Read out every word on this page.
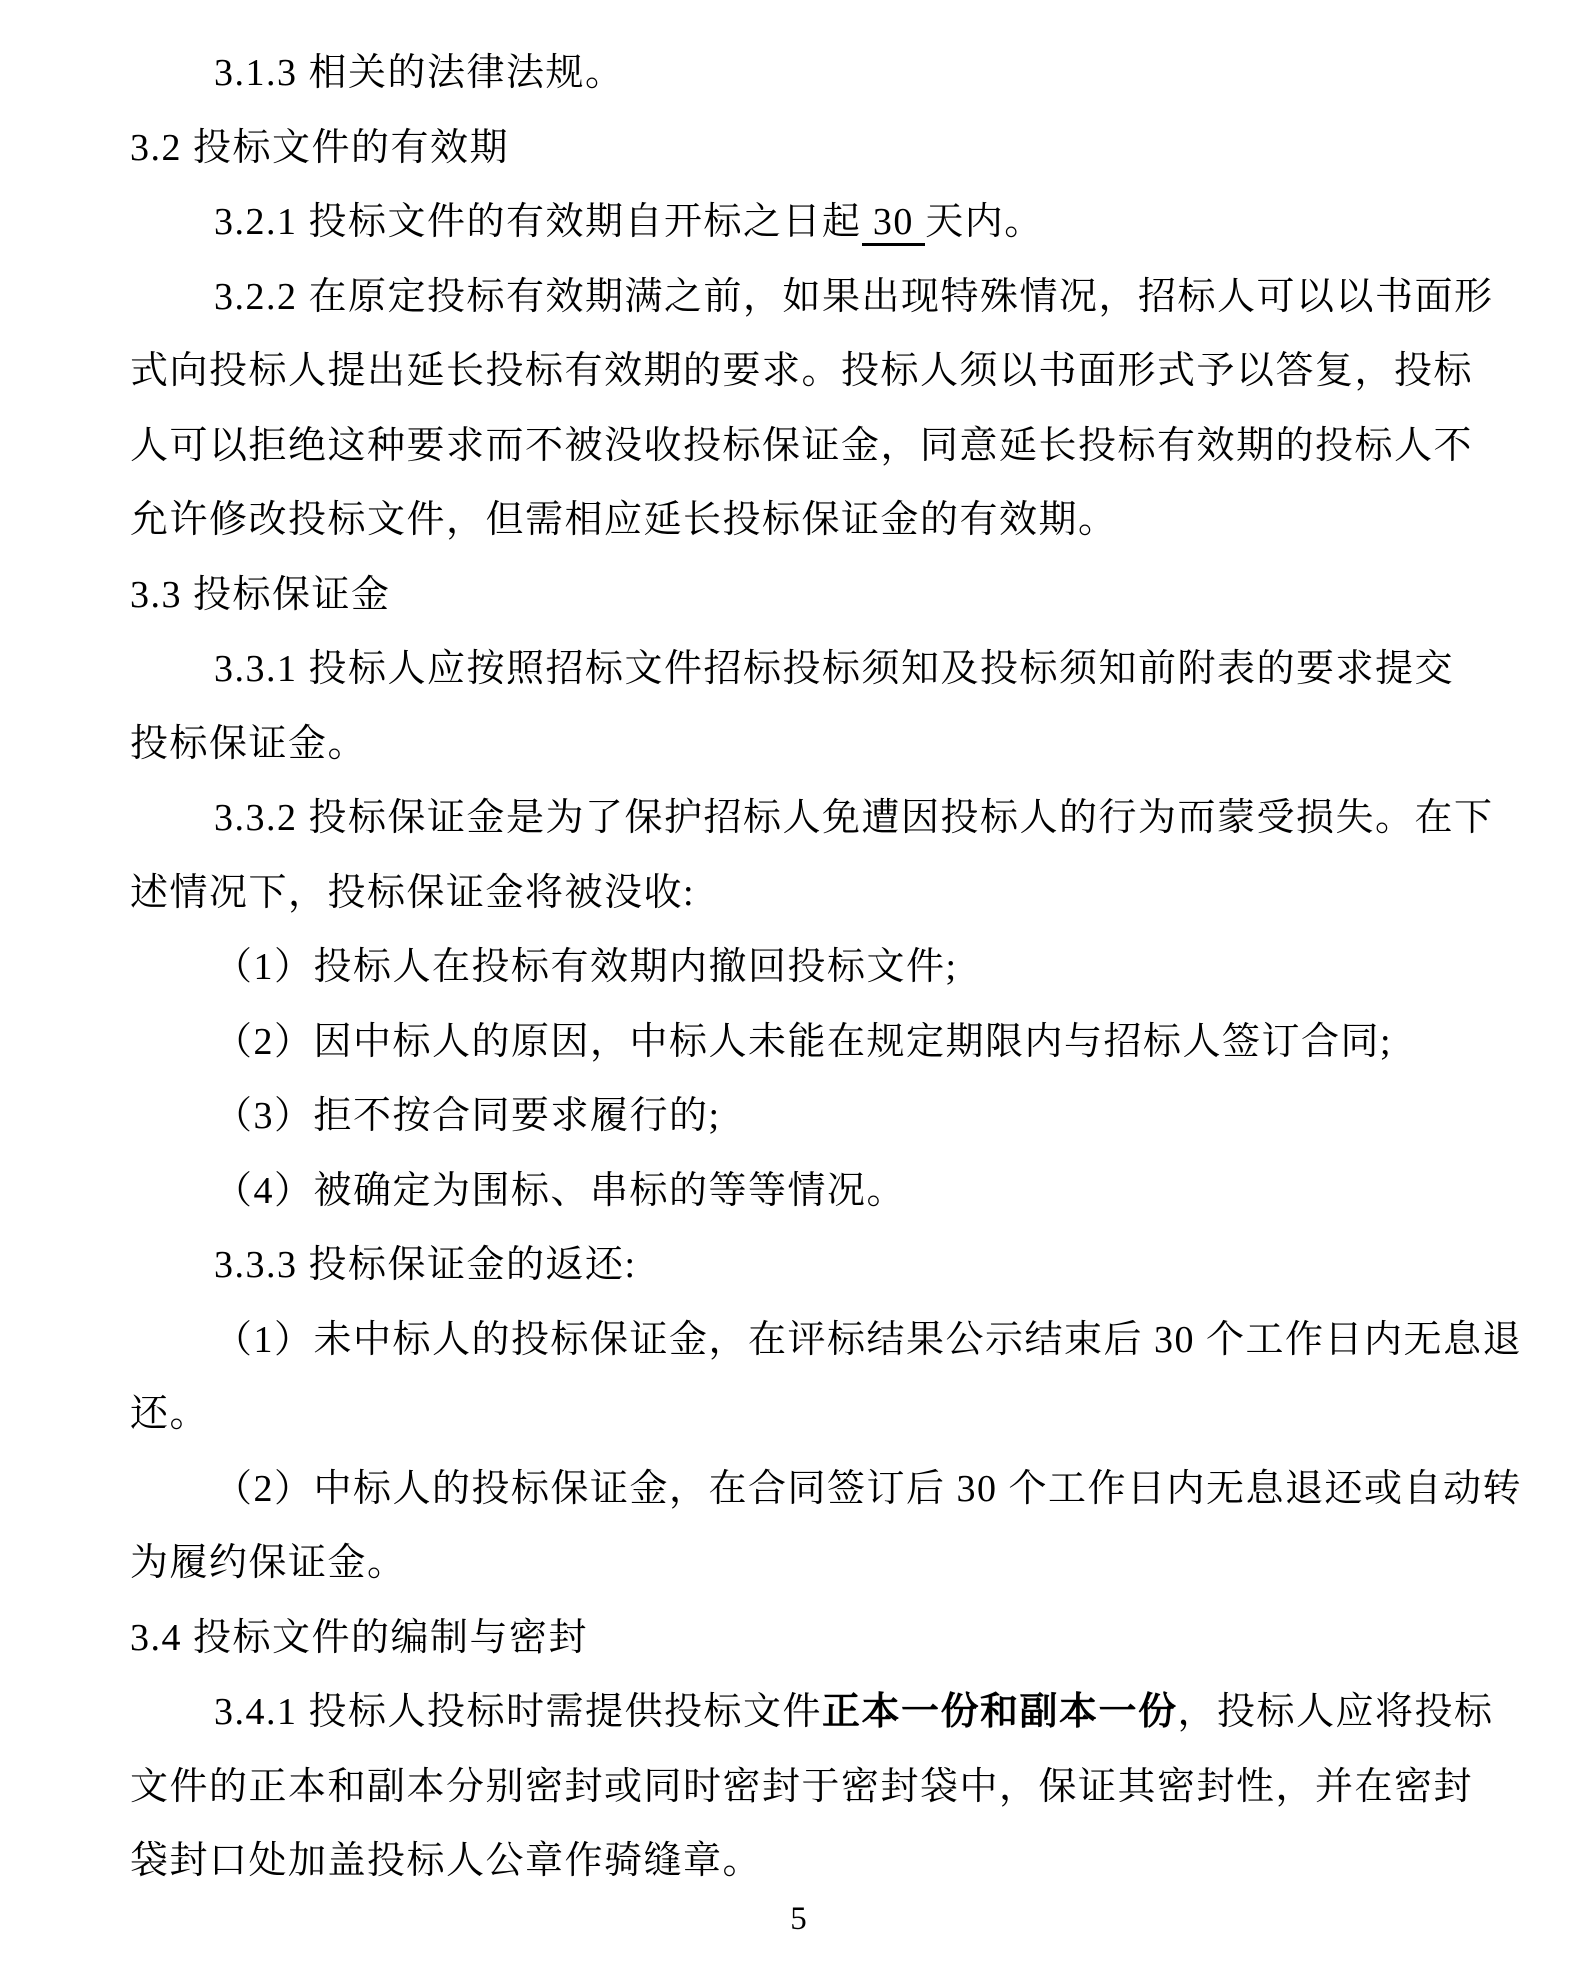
3.1.3 相关的法律法规。
3.2 投标文件的有效期
3.2.1 投标文件的有效期自开标之日起 30 天内。
3.2.2 在原定投标有效期满之前，如果出现特殊情况，招标人可以以书面形
式向投标人提出延长投标有效期的要求。投标人须以书面形式予以答复，投标
人可以拒绝这种要求而不被没收投标保证金，同意延长投标有效期的投标人不
允许修改投标文件，但需相应延长投标保证金的有效期。
3.3 投标保证金
3.3.1 投标人应按照招标文件招标投标须知及投标须知前附表的要求提交
投标保证金。
3.3.2 投标保证金是为了保护招标人免遭因投标人的行为而蒙受损失。在下
述情况下，投标保证金将被没收:
（1）投标人在投标有效期内撤回投标文件;
（2）因中标人的原因，中标人未能在规定期限内与招标人签订合同;
（3）拒不按合同要求履行的;
（4）被确定为围标、串标的等等情况。
3.3.3 投标保证金的返还:
（1）未中标人的投标保证金，在评标结果公示结束后 30 个工作日内无息退
还。
（2）中标人的投标保证金，在合同签订后 30 个工作日内无息退还或自动转
为履约保证金。
3.4 投标文件的编制与密封
3.4.1 投标人投标时需提供投标文件正本一份和副本一份，投标人应将投标
文件的正本和副本分别密封或同时密封于密封袋中，保证其密封性，并在密封
袋封口处加盖投标人公章作骑缝章。
5
